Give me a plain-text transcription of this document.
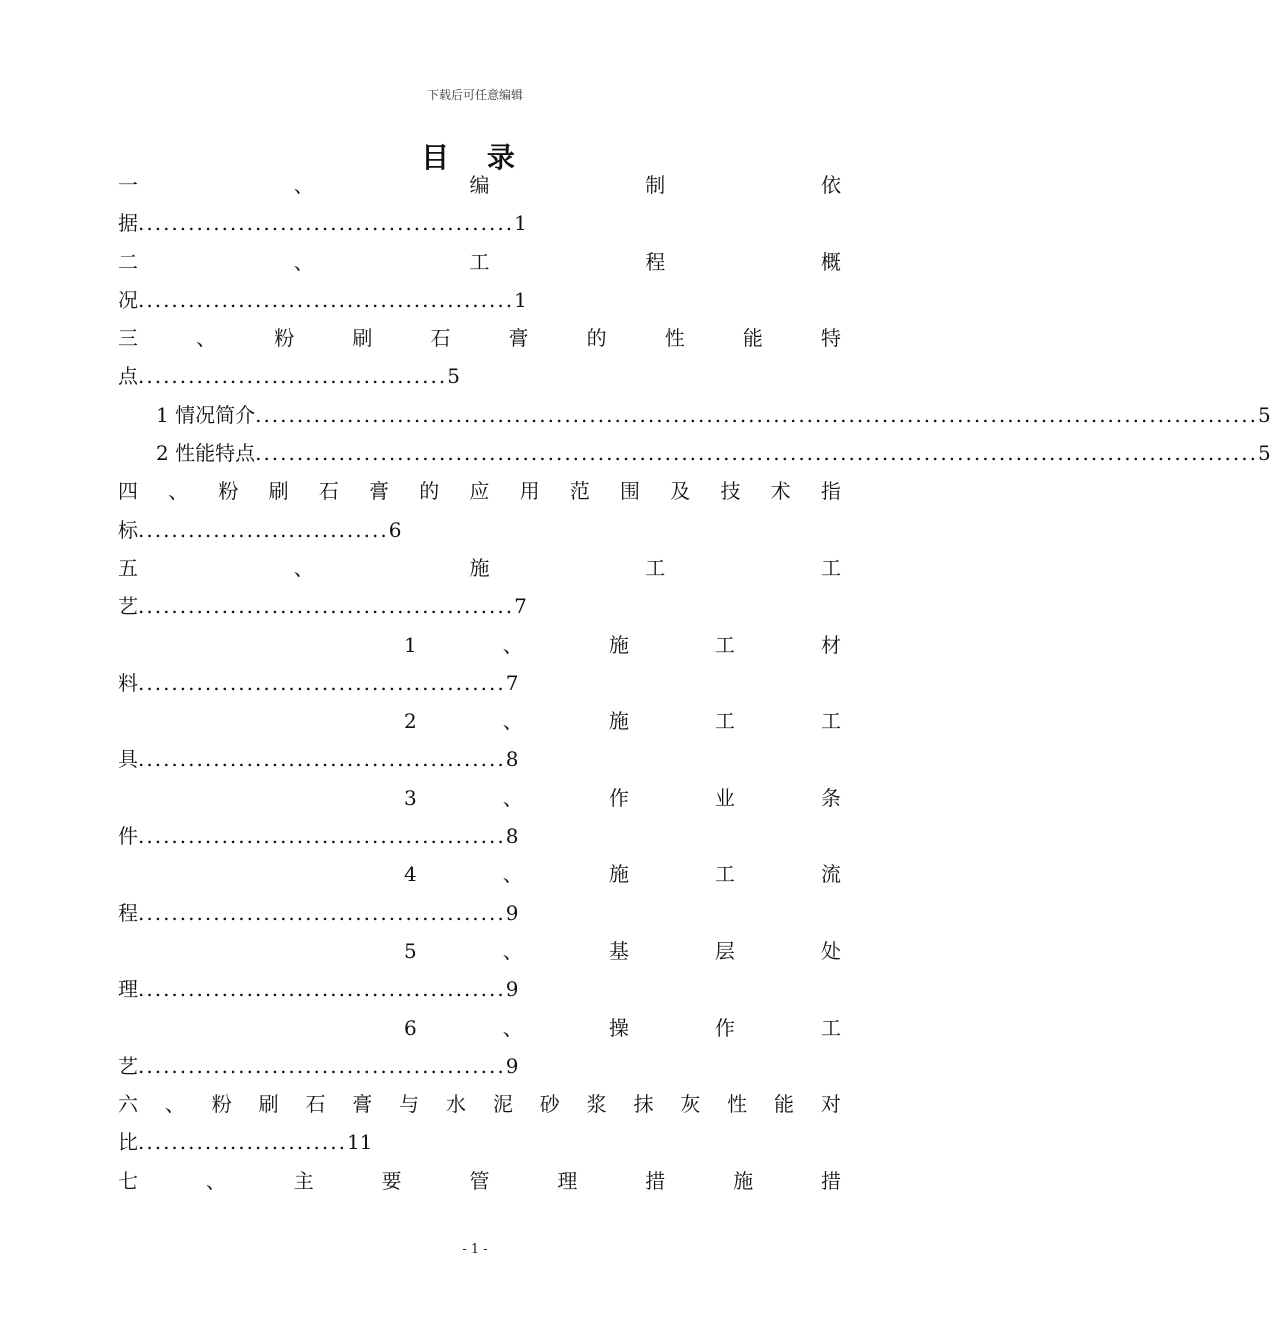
下载后可任意编辑
目 录
一	、	编	制	依
据 ............................................. 1
二	、	工	程	概
况 ............................................. 1
三	、	粉	刷	石	膏	的	性	能	特
点 ..................................... 5
1 情况简介 ........................................................................................................................ 5
2 性能特点 ........................................................................................................................ 5
四 、 粉 刷 石 膏 的 应 用 范 围 及 技 术 指
标 .............................. 6
五	、	施	工	工
艺 ............................................. 7
1	、	施	工	材
料 ............................................ 7
2	、	施	工	工
具 ............................................ 8
3	、	作	业	条
件 ............................................ 8
4	、	施	工	流
程 ............................................ 9
5	、	基	层	处
理 ............................................ 9
6	、	操	作	工
艺 ............................................ 9
六 、 粉 刷 石 膏 与 水 泥 砂 浆 抹 灰 性 能 对
比 ......................... 11
七	、	主	要	管	理	措	施	措
- 1 -
